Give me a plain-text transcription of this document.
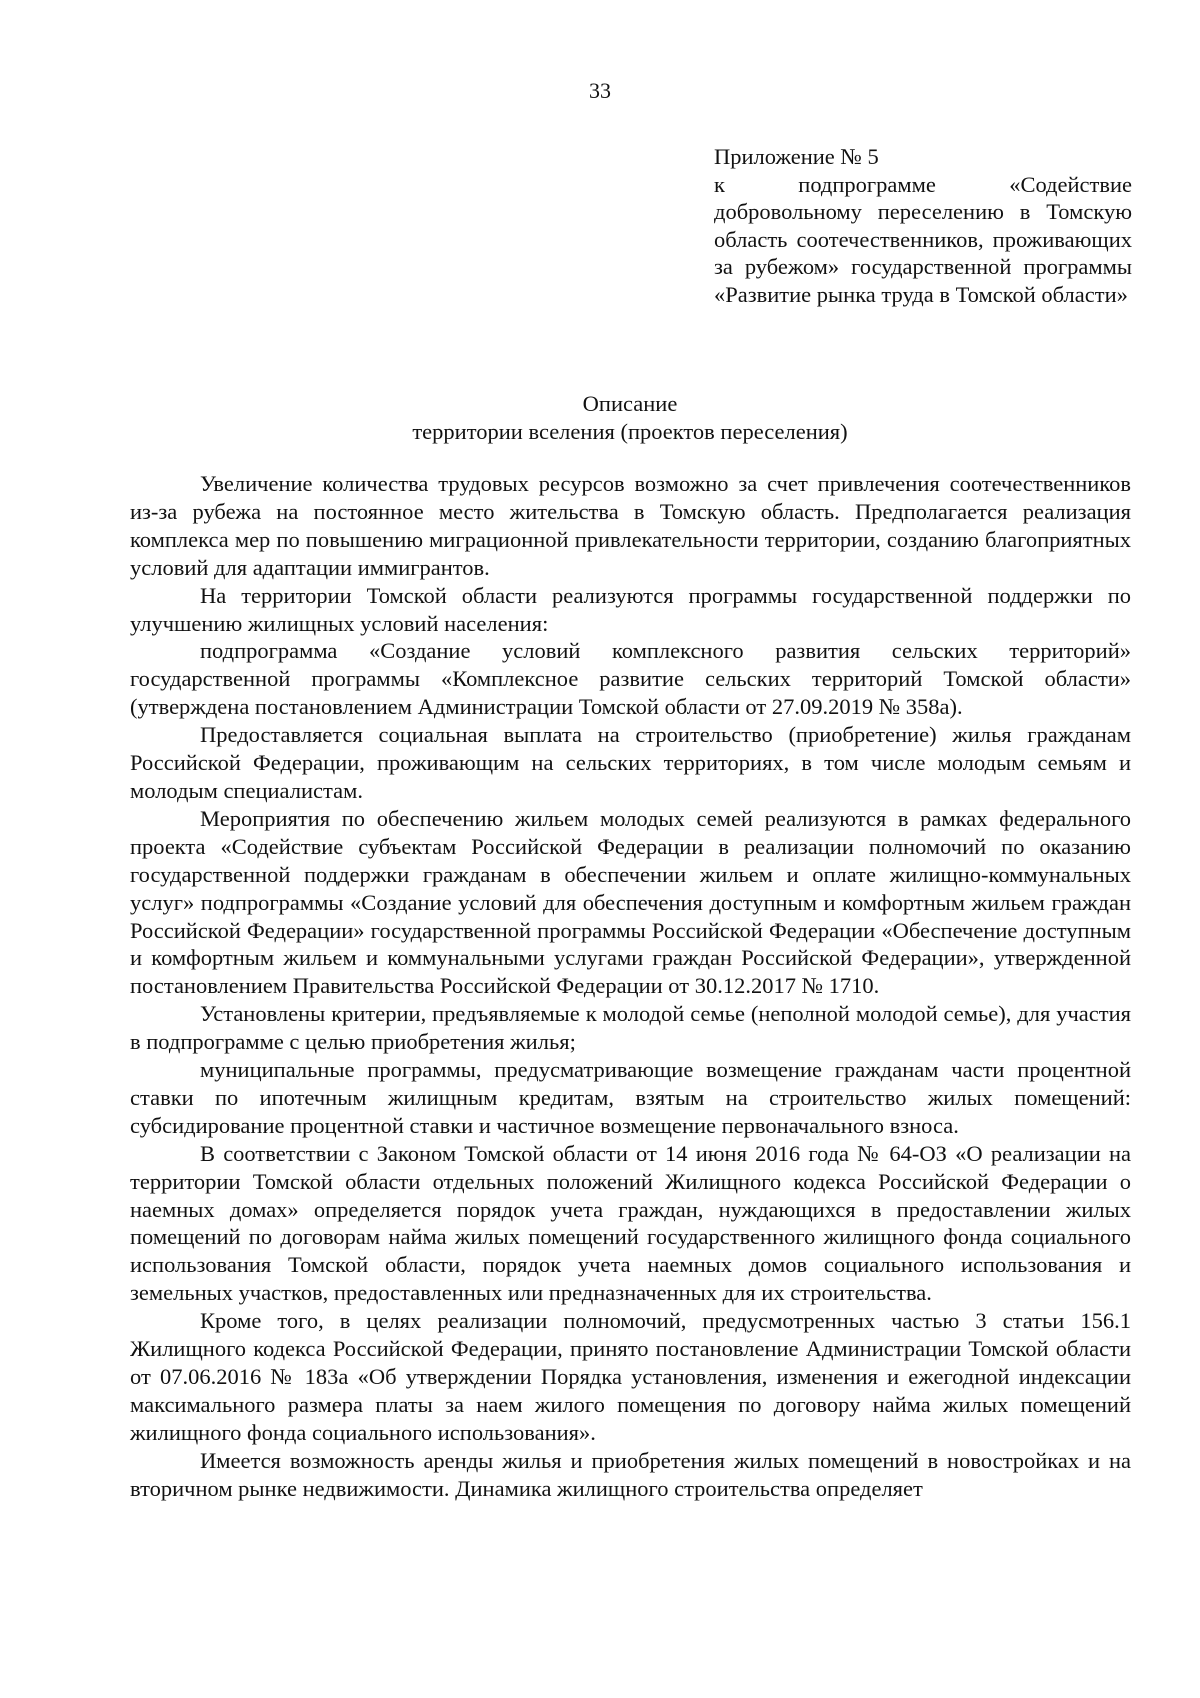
33
Приложение № 5
к подпрограмме «Содействие добровольному переселению в Томскую область соотечественников, проживающих за рубежом» государственной программы «Развитие рынка труда в Томской области»
Описание
территории вселения (проектов переселения)

Увеличение количества трудовых ресурсов возможно за счет привлечения соотечественников из-за рубежа на постоянное место жительства в Томскую область. Предполагается реализация комплекса мер по повышению миграционной привлекательности территории, созданию благоприятных условий для адаптации иммигрантов.

На территории Томской области реализуются программы государственной поддержки по улучшению жилищных условий населения:

подпрограмма «Создание условий комплексного развития сельских территорий» государственной программы «Комплексное развитие сельских территорий Томской области» (утверждена постановлением Администрации Томской области от 27.09.2019 № 358а).

Предоставляется социальная выплата на строительство (приобретение) жилья гражданам Российской Федерации, проживающим на сельских территориях, в том числе молодым семьям и молодым специалистам.

Мероприятия по обеспечению жильем молодых семей реализуются в рамках федерального проекта «Содействие субъектам Российской Федерации в реализации полномочий по оказанию государственной поддержки гражданам в обеспечении жильем и оплате жилищно-коммунальных услуг» подпрограммы «Создание условий для обеспечения доступным и комфортным жильем граждан Российской Федерации» государственной программы Российской Федерации «Обеспечение доступным и комфортным жильем и коммунальными услугами граждан Российской Федерации», утвержденной постановлением Правительства Российской Федерации от 30.12.2017 № 1710.

Установлены критерии, предъявляемые к молодой семье (неполной молодой семье), для участия в подпрограмме с целью приобретения жилья;

муниципальные программы, предусматривающие возмещение гражданам части процентной ставки по ипотечным жилищным кредитам, взятым на строительство жилых помещений: субсидирование процентной ставки и частичное возмещение первоначального взноса.

В соответствии с Законом Томской области от 14 июня 2016 года № 64-ОЗ «О реализации на территории Томской области отдельных положений Жилищного кодекса Российской Федерации о наемных домах» определяется порядок учета граждан, нуждающихся в предоставлении жилых помещений по договорам найма жилых помещений государственного жилищного фонда социального использования Томской области, порядок учета наемных домов социального использования и земельных участков, предоставленных или предназначенных для их строительства.

Кроме того, в целях реализации полномочий, предусмотренных частью 3 статьи 156.1 Жилищного кодекса Российской Федерации, принято постановление Администрации Томской области от 07.06.2016 № 183а «Об утверждении Порядка установления, изменения и ежегодной индексации максимального размера платы за наем жилого помещения по договору найма жилых помещений жилищного фонда социального использования».

Имеется возможность аренды жилья и приобретения жилых помещений в новостройках и на вторичном рынке недвижимости. Динамика жилищного строительства определяет
